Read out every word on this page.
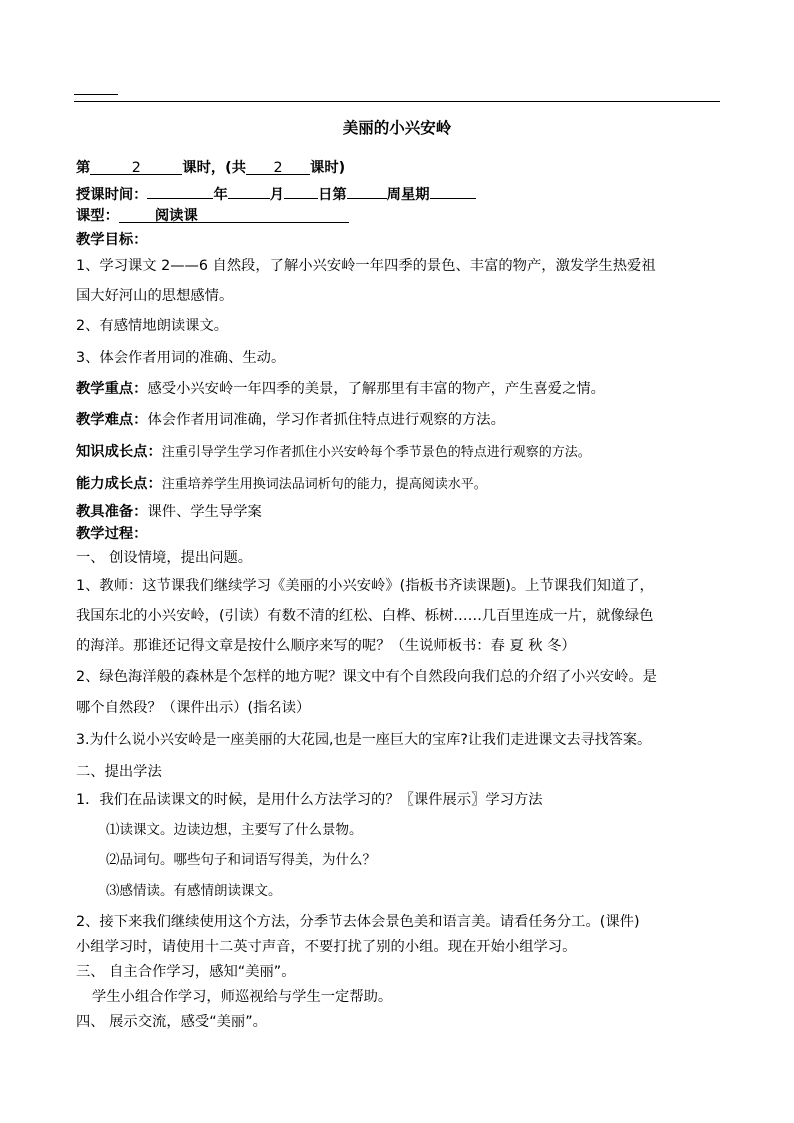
美丽的小兴安岭
第	2	课时，(共 2 课时)
授课时间：	年	月 日第	周星期
课型：	阅读课
教学目标：
1、学习课文 2——6 自然段，了解小兴安岭一年四季的景色、丰富的物产，激发学生热爱祖
国大好河山的思想感情。
2、有感情地朗读课文。
3、体会作者用词的准确、生动。
教学重点：感受小兴安岭一年四季的美景，了解那里有丰富的物产，产生喜爱之情。
教学难点：体会作者用词准确，学习作者抓住特点进行观察的方法。
知识成长点：注重引导学生学习作者抓住小兴安岭每个季节景色的特点进行观察的方法。
能力成长点：注重培养学生用换词法品词析句的能力，提高阅读水平。
教具准备：课件、学生导学案
教学过程：
一、 创设情境，提出问题。
1、教师：这节课我们继续学习《美丽的小兴安岭》(指板书齐读课题)。上节课我们知道了，
我国东北的小兴安岭，(引读）有数不清的红松、白桦、栎树……几百里连成一片，就像绿色
的海洋。那谁还记得文章是按什么顺序来写的呢？（生说师板书：春 夏 秋 冬）
2、绿色海洋般的森林是个怎样的地方呢？课文中有个自然段向我们总的介绍了小兴安岭。是
哪个自然段？（课件出示）(指名读）
3.为什么说小兴安岭是一座美丽的大花园,也是一座巨大的宝库?让我们走进课文去寻找答案。
二、提出学法
1．我们在品读课文的时候，是用什么方法学习的？〖课件展示〗学习方法
⑴读课文。边读边想，主要写了什么景物。
⑵品词句。哪些句子和词语写得美，为什么？
⑶感情读。有感情朗读课文。
2、接下来我们继续使用这个方法，分季节去体会景色美和语言美。请看任务分工。(课件)
小组学习时，请使用十二英寸声音，不要打扰了别的小组。现在开始小组学习。
三、 自主合作学习，感知“美丽”。
学生小组合作学习，师巡视给与学生一定帮助。
四、 展示交流，感受“美丽”。
